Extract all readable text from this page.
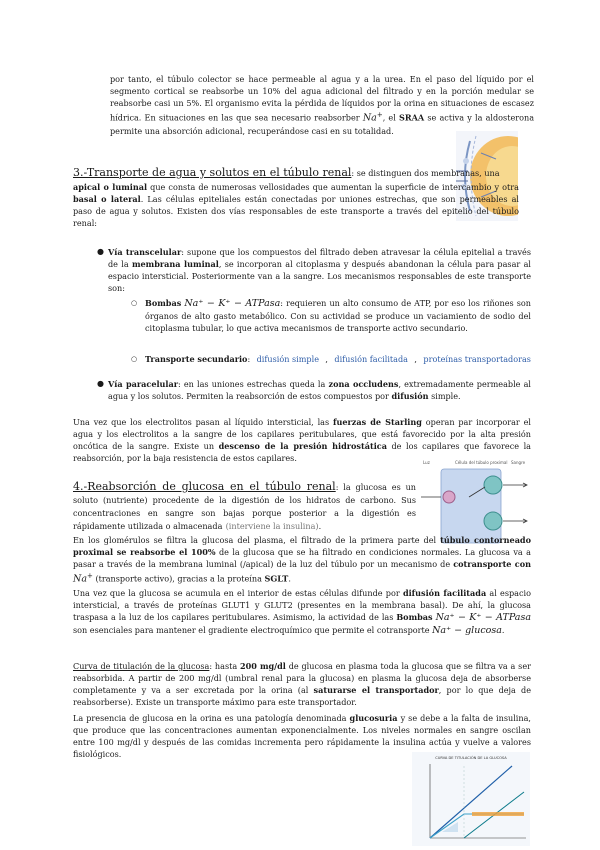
por tanto, el túbulo colector se hace permeable al agua y a la urea. En el paso del líquido por el segmento cortical se reabsorbe un 10% del agua adicional del filtrado y en la porción medular se reabsorbe casi un 5%. El organismo evita la pérdida de líquidos por la orina en situaciones de escasez hídrica. En situaciones en las que sea necesario reabsorber Na+, el SRAA se activa y la aldosterona permite una absorción adicional, recuperándose casi en su totalidad.
3.-Transporte de agua y solutos en el túbulo renal: se distinguen dos membranas, una
apical o luminal que consta de numerosas vellosidades que aumentan la superficie de intercambio y otra basal o lateral. Las células epiteliales están conectadas por uniones estrechas, que son permeables al paso de agua y solutos. Existen dos vías responsables de este transporte a través del epitelio del túbulo renal:
● Vía transcelular: supone que los compuestos del filtrado deben atravesar la célula epitelial a través de la membrana luminal, se incorporan al citoplasma y después abandonan la célula para pasar al espacio intersticial. Posteriormente van a la sangre. Los mecanismos responsables de este transporte son:
○ Bombas Na⁺ − K⁺ − ATPasa: requieren un alto consumo de ATP, por eso los riñones son órganos de alto gasto metabólico. Con su actividad se produce un vaciamiento de sodio del citoplasma tubular, lo que activa mecanismos de transporte activo secundario.
○ Transporte secundario: difusión simple , difusión facilitada , proteínas transportadoras
● Vía paracelular: en las uniones estrechas queda la zona occludens, extremadamente permeable al agua y los solutos. Permiten la reabsorción de estos compuestos por difusión simple.
Una vez que los electrolitos pasan al líquido intersticial, las fuerzas de Starling operan par incorporar el agua y los electrolitos a la sangre de los capilares peritubulares, que está favorecido por la alta presión oncótica de la sangre. Existe un descenso de la presión hidrostática de los capilares que favorece la reabsorción, por la baja resistencia de estos capilares.	Luz	Célula del túbulo proximal Sangre
4.-Reabsorción de glucosa en el túbulo renal: la glucosa es un soluto (nutriente) procedente de la digestión de los hidratos de carbono. Sus concentraciones en sangre son bajas porque posterior a la digestión es rápidamente utilizada o almacenada (interviene la insulina).
En los glomérulos se filtra la glucosa del plasma, el filtrado de la primera parte del túbulo contorneado proximal se reabsorbe el 100% de la glucosa que se ha filtrado en condiciones normales. La glucosa va a pasar a través de la membrana luminal (/apical) de la luz del túbulo por un mecanismo de cotransporte con Na+ (transporte activo), gracias a la proteína SGLT.
Una vez que la glucosa se acumula en el interior de estas células difunde por difusión facilitada al espacio intersticial, a través de proteínas GLUT1 y GLUT2 (presentes en la membrana basal). De ahí, la glucosa traspasa a la luz de los capilares peritubulares. Asimismo, la actividad de las Bombas Na⁺ − K⁺ − ATPasa son esenciales para mantener el gradiente electroquímico que permite el cotransporte Na⁺ − glucosa.
Curva de titulación de la glucosa: hasta 200 mg/dl de glucosa en plasma toda la glucosa que se filtra va a ser reabsorbida. A partir de 200 mg/dl (umbral renal para la glucosa) en plasma la glucosa deja de absorberse completamente y va a ser excretada por la orina (al saturarse el transportador, por lo que deja de reabsorberse). Existe un transporte máximo para este transportador.
La presencia de glucosa en la orina es una patología denominada glucosuria y se debe a la falta de insulina, que produce que las concentraciones aumentan exponencialmente. Los niveles normales en sangre oscilan entre 100 mg/dl y después de las comidas incrementa pero rápidamente la insulina actúa y vuelve a valores fisiológicos.	CURVA DE TITULACIÓN DE LA GLUCOSA
